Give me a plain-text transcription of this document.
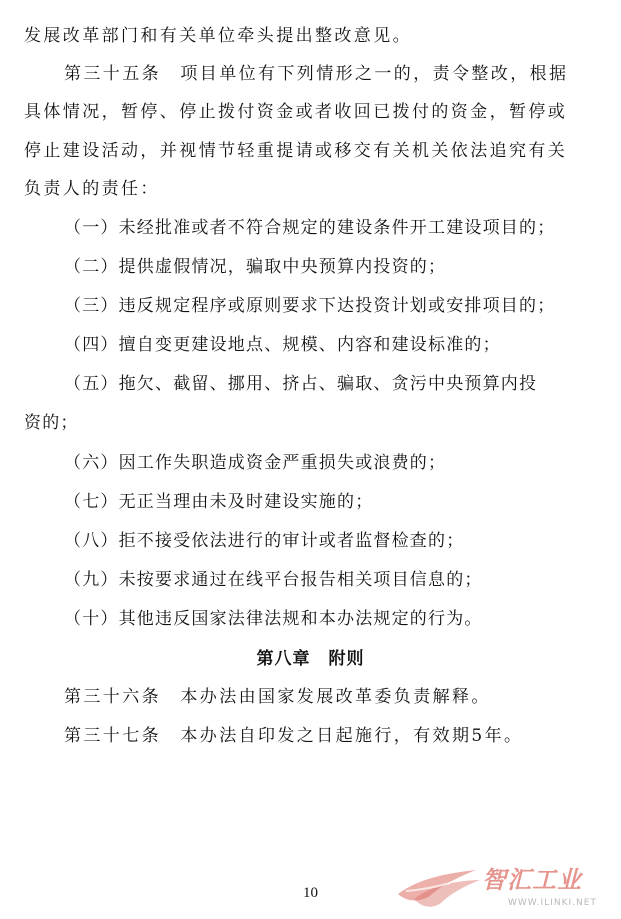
发展改革部门和有关单位牵头提出整改意见。
第三十五条　项目单位有下列情形之一的，责令整改，根据
具体情况，暂停、停止拨付资金或者收回已拨付的资金，暂停或
停止建设活动，并视情节轻重提请或移交有关机关依法追究有关
负责人的责任：
（一）未经批准或者不符合规定的建设条件开工建设项目的；
（二）提供虚假情况，骗取中央预算内投资的；
（三）违反规定程序或原则要求下达投资计划或安排项目的；
（四）擅自变更建设地点、规模、内容和建设标准的；
（五）拖欠、截留、挪用、挤占、骗取、贪污中央预算内投
资的；
（六）因工作失职造成资金严重损失或浪费的；
（七）无正当理由未及时建设实施的；
（八）拒不接受依法进行的审计或者监督检查的；
（九）未按要求通过在线平台报告相关项目信息的；
（十）其他违反国家法律法规和本办法规定的行为。
第八章　附则
第三十六条　本办法由国家发展改革委负责解释。
第三十七条　本办法自印发之日起施行，有效期5年。
10	智汇工业
WWW.ILINKI.NET
